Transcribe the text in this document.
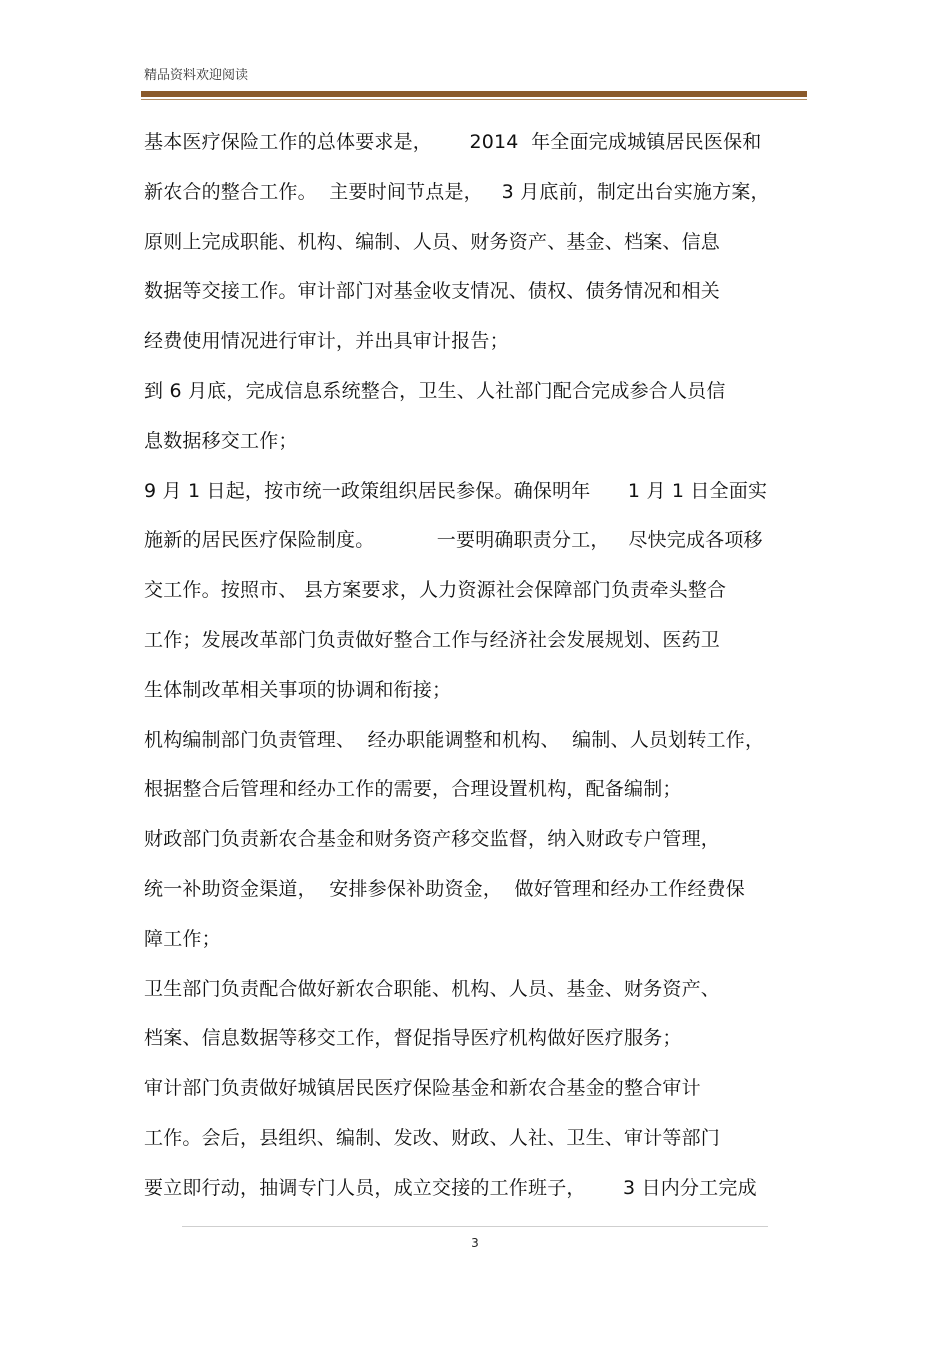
精品资料欢迎阅读
基本医疗保险工作的总体要求是，      2014  年全面完成城镇居民医保和
新农合的整合工作。  主要时间节点是，   3 月底前，制定出台实施方案，
原则上完成职能、机构、编制、人员、财务资产、基金、档案、信息
数据等交接工作。审计部门对基金收支情况、债权、债务情况和相关
经费使用情况进行审计，并出具审计报告；
到 6 月底，完成信息系统整合，卫生、人社部门配合完成参合人员信
息数据移交工作；
9 月 1 日起，按市统一政策组织居民参保。确保明年      1 月 1 日全面实
施新的居民医疗保险制度。          一要明确职责分工，   尽快完成各项移
交工作。按照市、 县方案要求，人力资源社会保障部门负责牵头整合
工作；发展改革部门负责做好整合工作与经济社会发展规划、医药卫
生体制改革相关事项的协调和衔接；
机构编制部门负责管理、  经办职能调整和机构、  编制、人员划转工作，
根据整合后管理和经办工作的需要，合理设置机构，配备编制；
财政部门负责新农合基金和财务资产移交监督，纳入财政专户管理，
统一补助资金渠道，  安排参保补助资金，  做好管理和经办工作经费保
障工作；
卫生部门负责配合做好新农合职能、机构、人员、基金、财务资产、
档案、信息数据等移交工作，督促指导医疗机构做好医疗服务；
审计部门负责做好城镇居民医疗保险基金和新农合基金的整合审计
工作。会后，县组织、编制、发改、财政、人社、卫生、审计等部门
要立即行动，抽调专门人员，成立交接的工作班子，      3 日内分工完成
3
